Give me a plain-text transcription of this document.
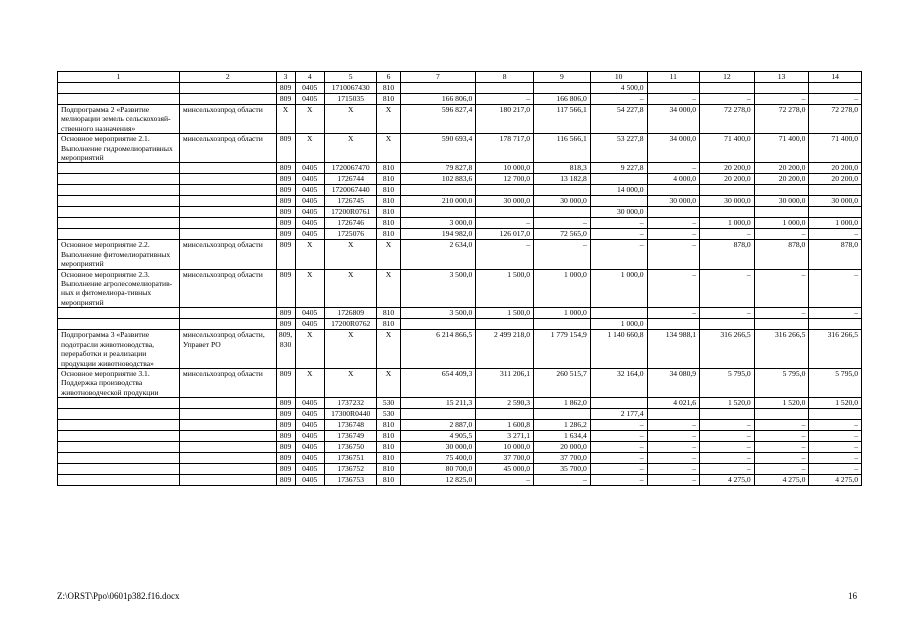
1	2	3	4	5	6	7	8	9	10	11	12	13	14
		809	0405	1710067430	810				4 500,0				
		809	0405	1715035	810	166 806,0	–	166 806,0	–	–	–	–	–
Подпрограмма 2 «Развитие мелиорации земель сельскохозяй-ственного назначения»	минсельхозпрод области	Х	Х	Х	Х	596 827,4	180 217,0	117 566,1	54 227,8	34 000,0	72 278,0	72 278,0	72 278,0
Основное мероприятие 2.1. Выполнение гидромелиоративных мероприятий	минсельхозпрод области	809	Х	Х	Х	590 693,4	178 717,0	116 566,1	53 227,8	34 000,0	71 400,0	71 400,0	71 400,0
		809	0405	1720067470	810	79 827,8	10 000,0	818,3	9 227,8	–	20 200,0	20 200,0	20 200,0
		809	0405	1726744	810	102 883,6	12 700,0	13 182,8		4 000,0	20 200,0	20 200,0	20 200,0
		809	0405	1720067440	810				14 000,0				
		809	0405	1726745	810	210 000,0	30 000,0	30 000,0		30 000,0	30 000,0	30 000,0	30 000,0
		809	0405	17200R0761	810				30 000,0				
		809	0405	1726746	810	3 000,0	–	–	–	–	1 000,0	1 000,0	1 000,0
		809	0405	1725076	810	194 982,0	126 017,0	72 565,0	–	–	–	–	–
Основное мероприятие 2.2. Выполнение фитомелиоративных мероприятий	минсельхозпрод области	809	Х	Х	Х	2 634,0	–	–	–	–	878,0	878,0	878,0
Основное мероприятие 2.3. Выполнение агролесомелиоратив-ных и фитомелиора-тивных мероприятий	минсельхозпрод области	809	Х	Х	Х	3 500,0	1 500,0	1 000,0	1 000,0	–	–	–	–
		809	0405	1726809	810	3 500,0	1 500,0	1 000,0		–	–	–	–
		809	0405	17200R0762	810				1 000,0				
Подпрограмма 3 «Развитие подотрасли животноводства, переработки и реализации продукции животноводства»	минсельхозпрод области, Управет РО	809, 830	Х	Х	Х	6 214 866,5	2 499 218,0	1 779 154,9	1 140 660,8	134 988,1	316 266,5	316 266,5	316 266,5
Основное мероприятие 3.1. Поддержка производства животноводческой продукции	минсельхозпрод области	809	Х	Х	Х	654 409,3	311 206,1	260 515,7	32 164,0	34 080,9	5 795,0	5 795,0	5 795,0
		809	0405	1737232	530	15 211,3	2 590,3	1 862,0		4 021,6	1 520,0	1 520,0	1 520,0
		809	0405	17300R0440	530				2 177,4				
		809	0405	1736748	810	2 887,0	1 600,8	1 286,2	–	–	–	–	–
		809	0405	1736749	810	4 905,5	3 271,1	1 634,4	–	–	–	–	–
		809	0405	1736750	810	30 000,0	10 000,0	20 000,0	–	–	–	–	–
		809	0405	1736751	810	75 400,0	37 700,0	37 700,0	–	–	–	–	–
		809	0405	1736752	810	80 700,0	45 000,0	35 700,0	–	–	–	–	–
		809	0405	1736753	810	12 825,0	–	–	–	–	4 275,0	4 275,0	4 275,0
Z:\ORST\Ppo\0601p382.f16.docx	16
